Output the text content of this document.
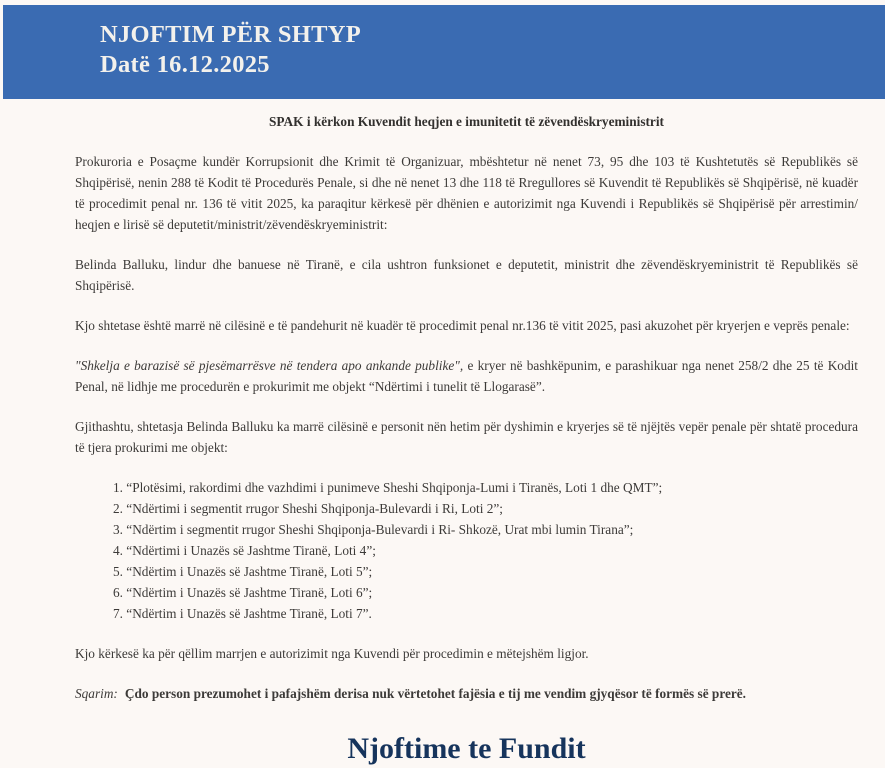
NJOFTIM PËR SHTYP
Datë 16.12.2025
SPAK i kërkon Kuvendit heqjen e imunitetit të zëvendëskryeministrit

Prokuroria e Posaçme kundër Korrupsionit dhe Krimit të Organizuar, mbështetur në nenet 73, 95 dhe 103 të Kushtetutës së Republikës së Shqipërisë, nenin 288 të Kodit të Procedurës Penale, si dhe në nenet 13 dhe 118 të Rregullores së Kuvendit të Republikës së Shqipërisë, në kuadër të procedimit penal nr. 136 të vitit 2025, ka paraqitur kërkesë për dhënien e autorizimit nga Kuvendi i Republikës së Shqipërisë për arrestimin/ heqjen e lirisë së deputetit/ministrit/zëvendëskryeministrit:

Belinda Balluku, lindur dhe banuese në Tiranë, e cila ushtron funksionet e deputetit, ministrit dhe zëvendëskryeministrit të Republikës së Shqipërisë.

Kjo shtetase është marrë në cilësinë e të pandehurit në kuadër të procedimit penal nr.136 të vitit 2025, pasi akuzohet për kryerjen e veprës penale:

"Shkelja e barazisë së pjesëmarrësve në tendera apo ankande publike", e kryer në bashkëpunim, e parashikuar nga nenet 258/2 dhe 25 të Kodit Penal, në lidhje me procedurën e prokurimit me objekt “Ndërtimi i tunelit të Llogarasë”.

Gjithashtu, shtetasja Belinda Balluku ka marrë cilësinë e personit nën hetim për dyshimin e kryerjes së të njëjtës vepër penale për shtatë procedura të tjera prokurimi me objekt:

1. “Plotësimi, rakordimi dhe vazhdimi i punimeve Sheshi Shqiponja-Lumi i Tiranës, Loti 1 dhe QMT”;
2. “Ndërtimi i segmentit rrugor Sheshi Shqiponja-Bulevardi i Ri, Loti 2”;
3. “Ndërtim i segmentit rrugor Sheshi Shqiponja-Bulevardi i Ri- Shkozë, Urat mbi lumin Tirana”;
4. “Ndërtimi i Unazës së Jashtme Tiranë, Loti 4”;
5. “Ndërtim i Unazës së Jashtme Tiranë, Loti 5”;
6. “Ndërtim i Unazës së Jashtme Tiranë, Loti 6”;
7. “Ndërtim i Unazës së Jashtme Tiranë, Loti 7”.

Kjo kërkesë ka për qëllim marrjen e autorizimit nga Kuvendi për procedimin e mëtejshëm ligjor.

Sqarim: Çdo person prezumohet i pafajshëm derisa nuk vërtetohet fajësia e tij me vendim gjyqësor të formës së prerë.

Njoftime te Fundit
